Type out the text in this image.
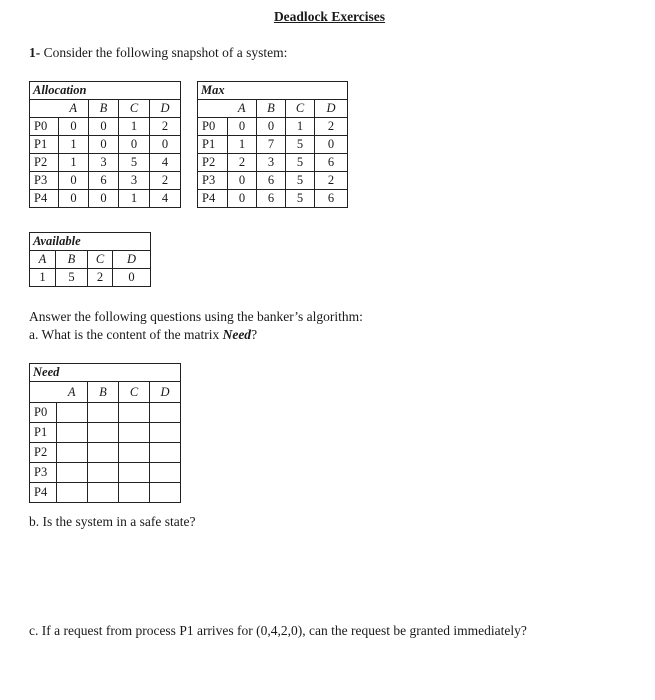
Deadlock Exercises
1- Consider the following snapshot of a system:
Allocation				
	A	B	C	D
P0	0	0	1	2
P1	1	0	0	0
P2	1	3	5	4
P3	0	6	3	2
P4	0	0	1	4
Max				
	A	B	C	D
P0	0	0	1	2
P1	1	7	5	0
P2	2	3	5	6
P3	0	6	5	2
P4	0	6	5	6
Available			
A	B	C	D
1	5	2	0
Answer the following questions using the banker’s algorithm:
a. What is the content of the matrix Need?
Need				
	A	B	C	D
P0				
P1				
P2				
P3				
P4				
b. Is the system in a safe state?
c. If a request from process P1 arrives for (0,4,2,0), can the request be granted immediately?
